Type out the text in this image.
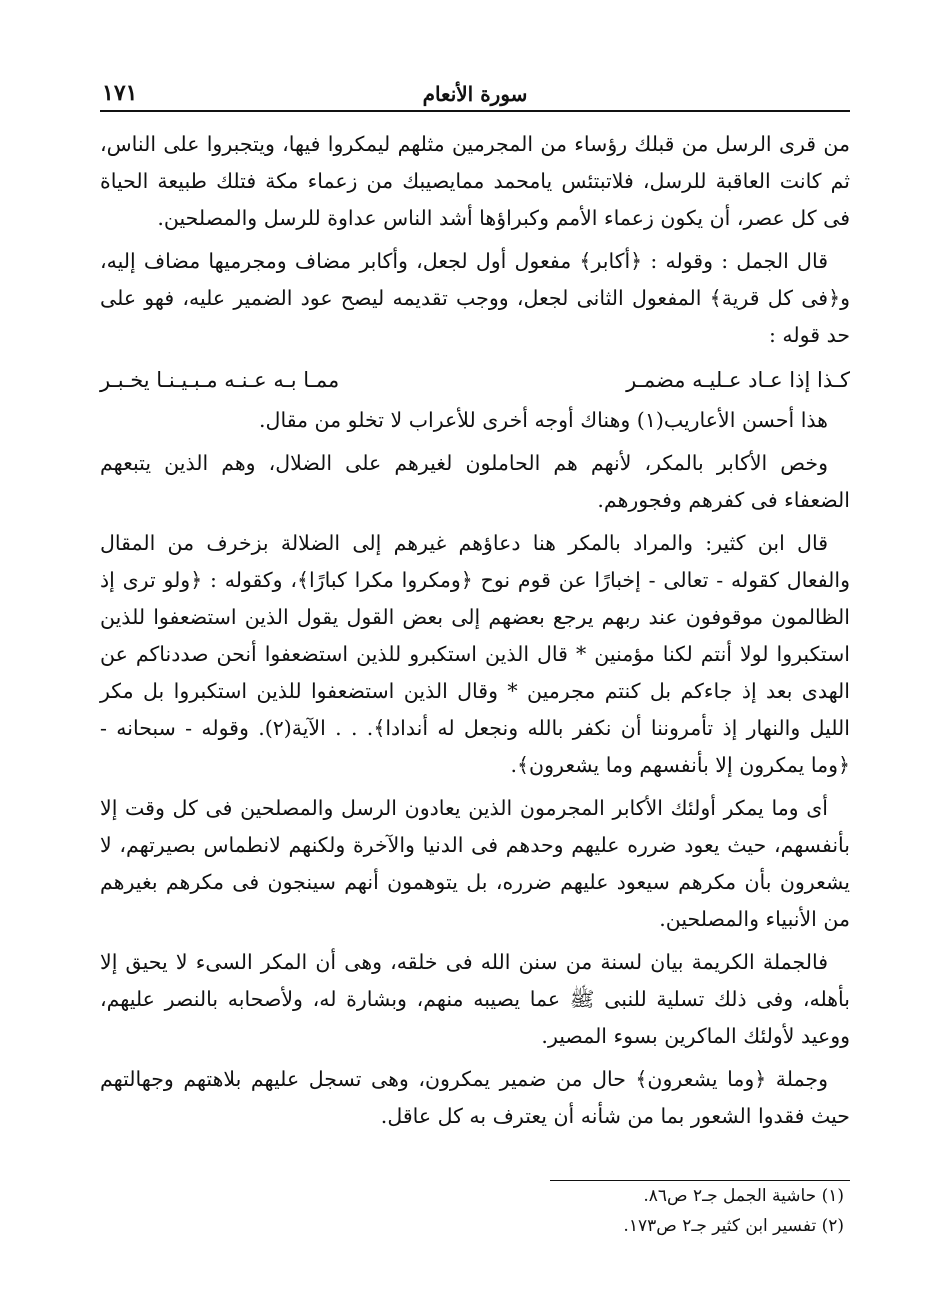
سورة الأنعام
١٧١

من قرى الرسل من قبلك رؤساء من المجرمين مثلهم ليمكروا فيها، ويتجبروا على الناس، ثم كانت العاقبة للرسل، فلاتبتئس يامحمد ممايصيبك من زعماء مكة فتلك طبيعة الحياة فى كل عصر، أن يكون زعماء الأمم وكبراؤها أشد الناس عداوة للرسل والمصلحين.

قال الجمل : وقوله : ﴿أكابر﴾ مفعول أول لجعل، وأكابر مضاف ومجرميها مضاف إليه، و﴿فى كل قرية﴾ المفعول الثانى لجعل، ووجب تقديمه ليصح عود الضمير عليه، فهو على حد قوله :

كـذا إذا عـاد عـليـه مضمـر
ممـا بـه عـنـه مـبـيـنـا يخـبـر

هذا أحسن الأعاريب(١) وهناك أوجه أخرى للأعراب لا تخلو من مقال.

وخص الأكابر بالمكر، لأنهم هم الحاملون لغيرهم على الضلال، وهم الذين يتبعهم الضعفاء فى كفرهم وفجورهم.

قال ابن كثير: والمراد بالمكر هنا دعاؤهم غيرهم إلى الضلالة بزخرف من المقال والفعال كقوله - تعالى - إخبارًا عن قوم نوح ﴿ومكروا مكرا كبارًا﴾، وكقوله : ﴿ولو ترى إذ الظالمون موقوفون عند ربهم يرجع بعضهم إلى بعض القول يقول الذين استضعفوا للذين استكبروا لولا أنتم لكنا مؤمنين * قال الذين استكبرو للذين استضعفوا أنحن صددناكم عن الهدى بعد إذ جاءكم بل كنتم مجرمين * وقال الذين استضعفوا للذين استكبروا بل مكر الليل والنهار إذ تأمروننا أن نكفر بالله ونجعل له أندادا﴾. . . الآية(٢). وقوله - سبحانه - ﴿وما يمكرون إلا بأنفسهم وما يشعرون﴾.

أى وما يمكر أولئك الأكابر المجرمون الذين يعادون الرسل والمصلحين فى كل وقت إلا بأنفسهم، حيث يعود ضرره عليهم وحدهم فى الدنيا والآخرة ولكنهم لانطماس بصيرتهم، لا يشعرون بأن مكرهم سيعود عليهم ضرره، بل يتوهمون أنهم سينجون فى مكرهم بغيرهم من الأنبياء والمصلحين.

فالجملة الكريمة بيان لسنة من سنن الله فى خلقه، وهى أن المكر السىء لا يحيق إلا بأهله، وفى ذلك تسلية للنبى ﷺ عما يصيبه منهم، وبشارة له، ولأصحابه بالنصر عليهم، ووعيد لأولئك الماكرين بسوء المصير.

وجملة ﴿وما يشعرون﴾ حال من ضمير يمكرون، وهى تسجل عليهم بلاهتهم وجهالتهم حيث فقدوا الشعور بما من شأنه أن يعترف به كل عاقل.

(١) حاشية الجمل جـ٢ ص٨٦.
(٢) تفسير ابن كثير جـ٢ ص١٧٣.
